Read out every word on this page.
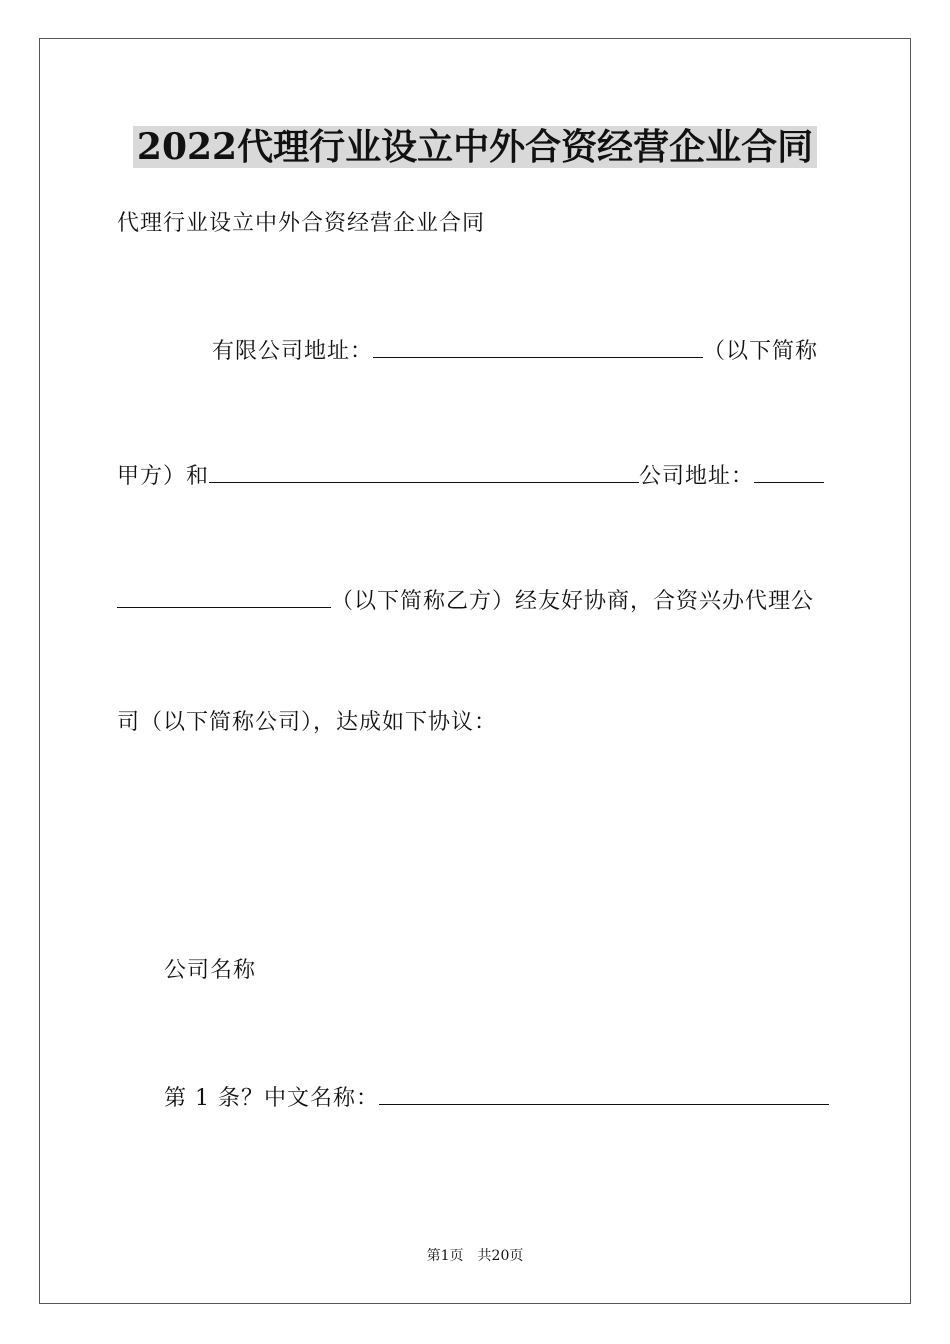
2022代理行业设立中外合资经营企业合同
代理行业设立中外合资经营企业合同
有限公司地址：	（以下简称
甲方）和	公司地址：
（以下简称乙方）经友好协商，合资兴办代理公
司（以下简称公司），达成如下协议：
公司名称
第 1 条？中文名称：
第1页 共20页
